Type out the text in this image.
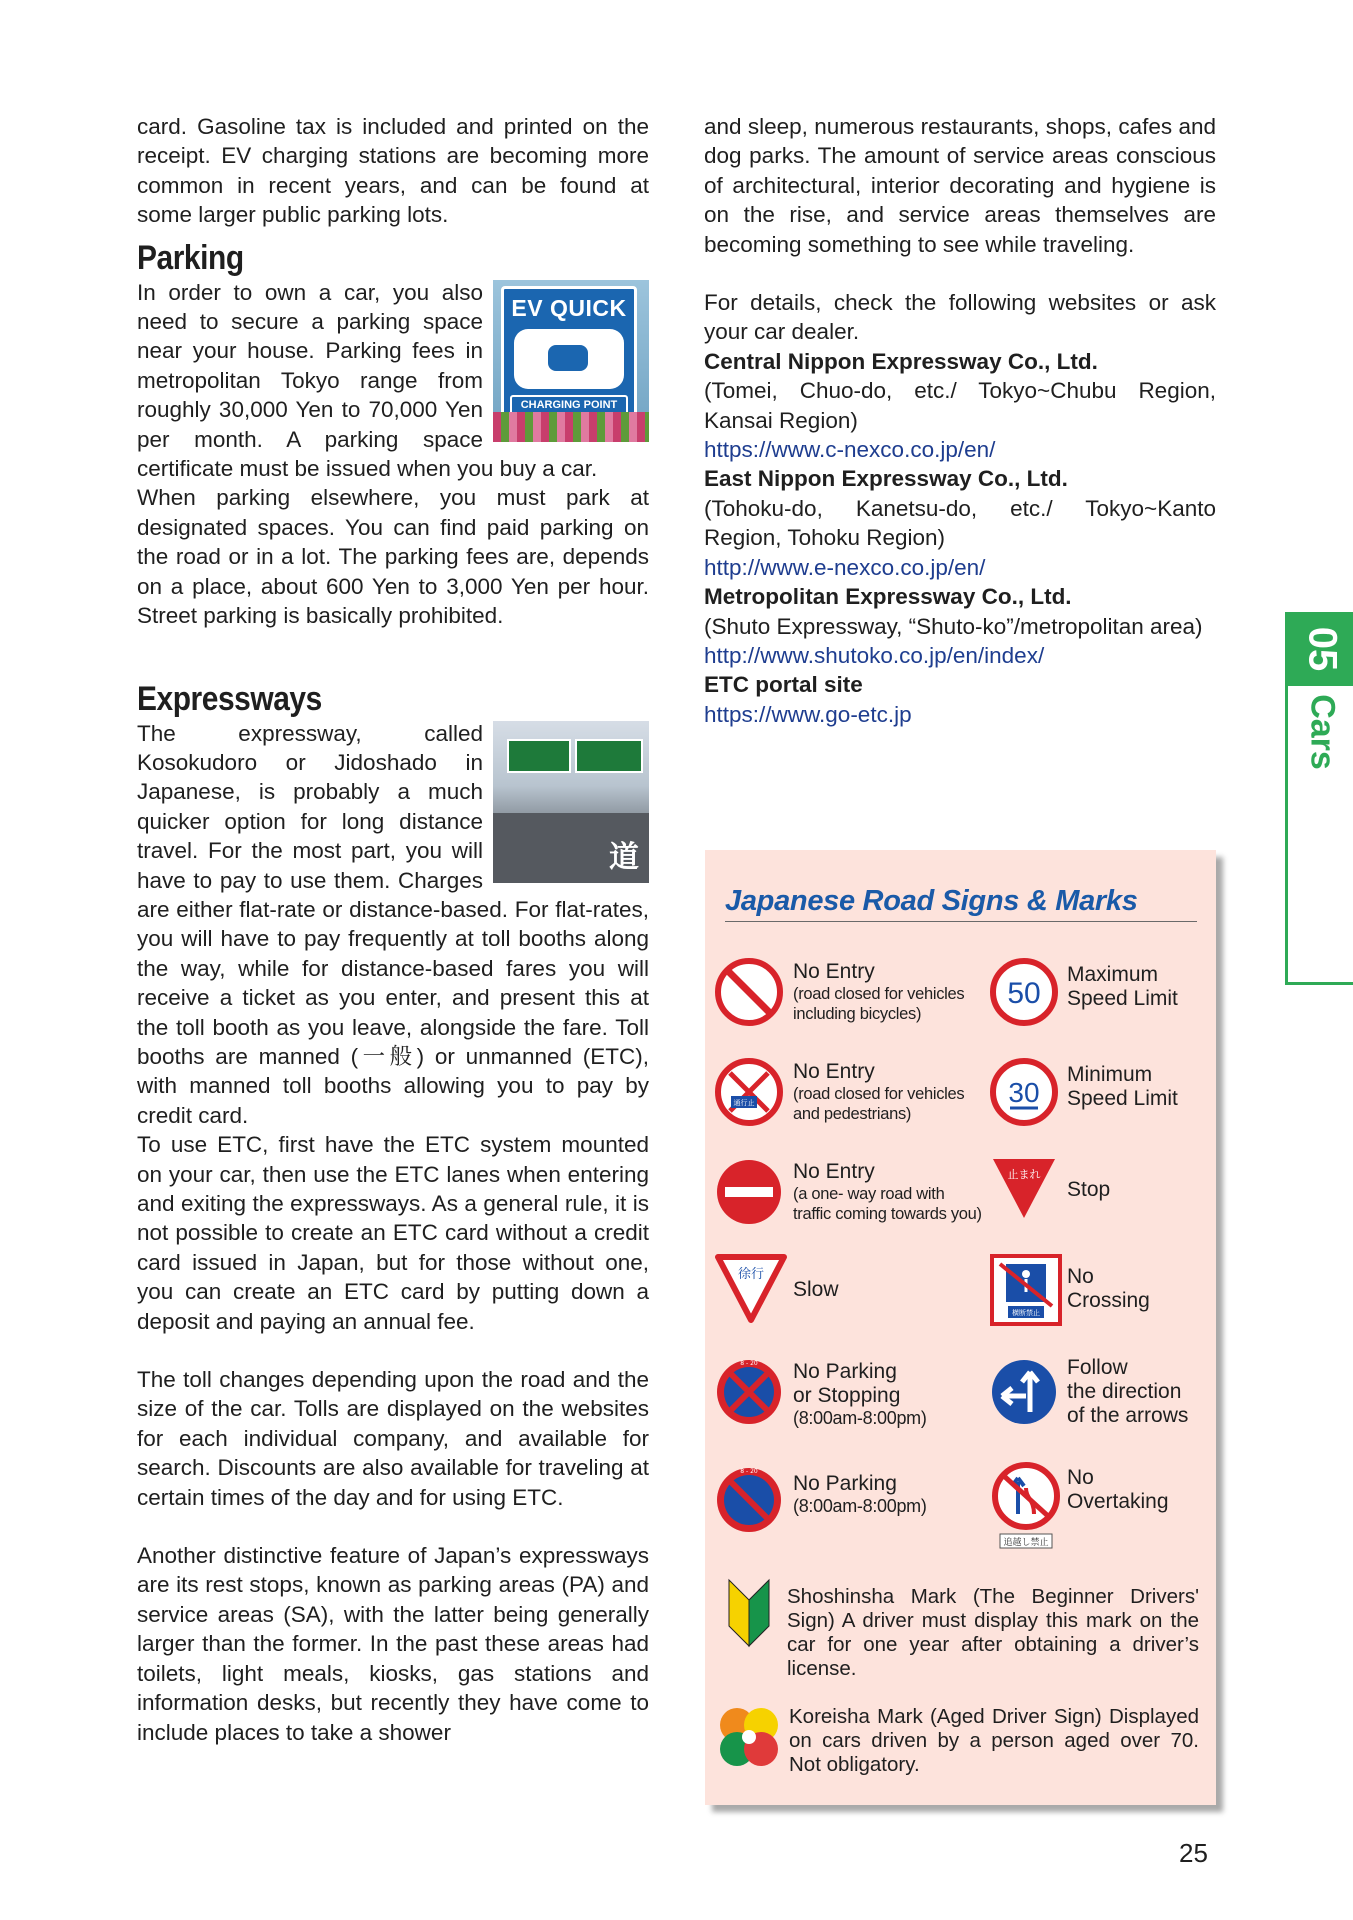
card. Gasoline tax is included and printed on the receipt. EV charging stations are becoming more common in recent years, and can be found at some larger public parking lots.

Parking
EV QUICK
CHARGING POINT

In order to own a car, you also need to secure a parking space near your house. Parking fees in metropolitan Tokyo range from roughly 30,000 Yen to 70,000 Yen per month. A parking space certificate must be issued when you buy a car.

When parking elsewhere, you must park at designated spaces. You can find paid parking on the road or in a lot. The parking fees are, depends on a place, about 600 Yen to 3,000 Yen per hour. Street parking is basically prohibited.

Expressways
道

The expressway, called Kosokudoro or Jidoshado in Japanese, is probably a much quicker option for long distance travel. For the most part, you will have to pay to use them. Charges are either flat-rate or distance-based. For flat-rates, you will have to pay frequently at toll booths along the way, while for distance-based fares you will receive a ticket as you enter, and present this at the toll booth as you leave, alongside the fare. Toll booths are manned (一般) or unmanned (ETC), with manned toll booths allowing you to pay by credit card.

To use ETC, first have the ETC system mounted on your car, then use the ETC lanes when entering and exiting the expressways. As a general rule, it is not possible to create an ETC card without a credit card issued in Japan, but for those without one, you can create an ETC card by putting down a deposit and paying an annual fee.

The toll changes depending upon the road and the size of the car. Tolls are displayed on the websites for each individual company, and available for search. Discounts are also available for traveling at certain times of the day and for using ETC.

Another distinctive feature of Japan’s expressways are its rest stops, known as parking areas (PA) and service areas (SA), with the latter being generally larger than the former. In the past these areas had toilets, light meals, kiosks, gas stations and information desks, but recently they have come to include places to take a shower

and sleep, numerous restaurants, shops, cafes and dog parks. The amount of service areas conscious of architectural, interior decorating and hygiene is on the rise, and service areas themselves are becoming something to see while traveling.

For details, check the following websites or ask your car dealer.

Central Nippon Expressway Co., Ltd.

(Tomei, Chuo-do, etc./ Tokyo~Chubu Region, Kansai Region)

https://www.c-nexco.co.jp/en/

East Nippon Expressway Co., Ltd.

(Tohoku-do, Kanetsu-do, etc./ Tokyo~Kanto Region, Tohoku Region)

http://www.e-nexco.co.jp/en/

Metropolitan Expressway Co., Ltd.

(Shuto Expressway, “Shuto-ko”/metropolitan area)

http://www.shutoko.co.jp/en/index/

ETC portal site

https://www.go-etc.jp

05
Cars
Japanese Road Signs & Marks
No Entry
(road closed for vehicles
including bicycles)
50
Maximum
Speed Limit
通行止
No Entry
(road closed for vehicles
and pedestrians)
30
Minimum
Speed Limit
No Entry
(a one- way road with
traffic coming towards you)
止まれ
Stop
徐行
Slow
横断禁止
No
Crossing
8 - 20 No Parking
or Stopping
(8:00am-8:00pm)
Follow
the direction
of the arrows
8 - 20
No Parking
(8:00am-8:00pm)
追越し禁止
No
Overtaking
Shoshinsha Mark (The Beginner Drivers' Sign) A driver must display this mark on the car for one year after obtaining a driver’s license.
Koreisha Mark (Aged Driver Sign) Displayed on cars driven by a person aged over 70. Not obligatory.
25
